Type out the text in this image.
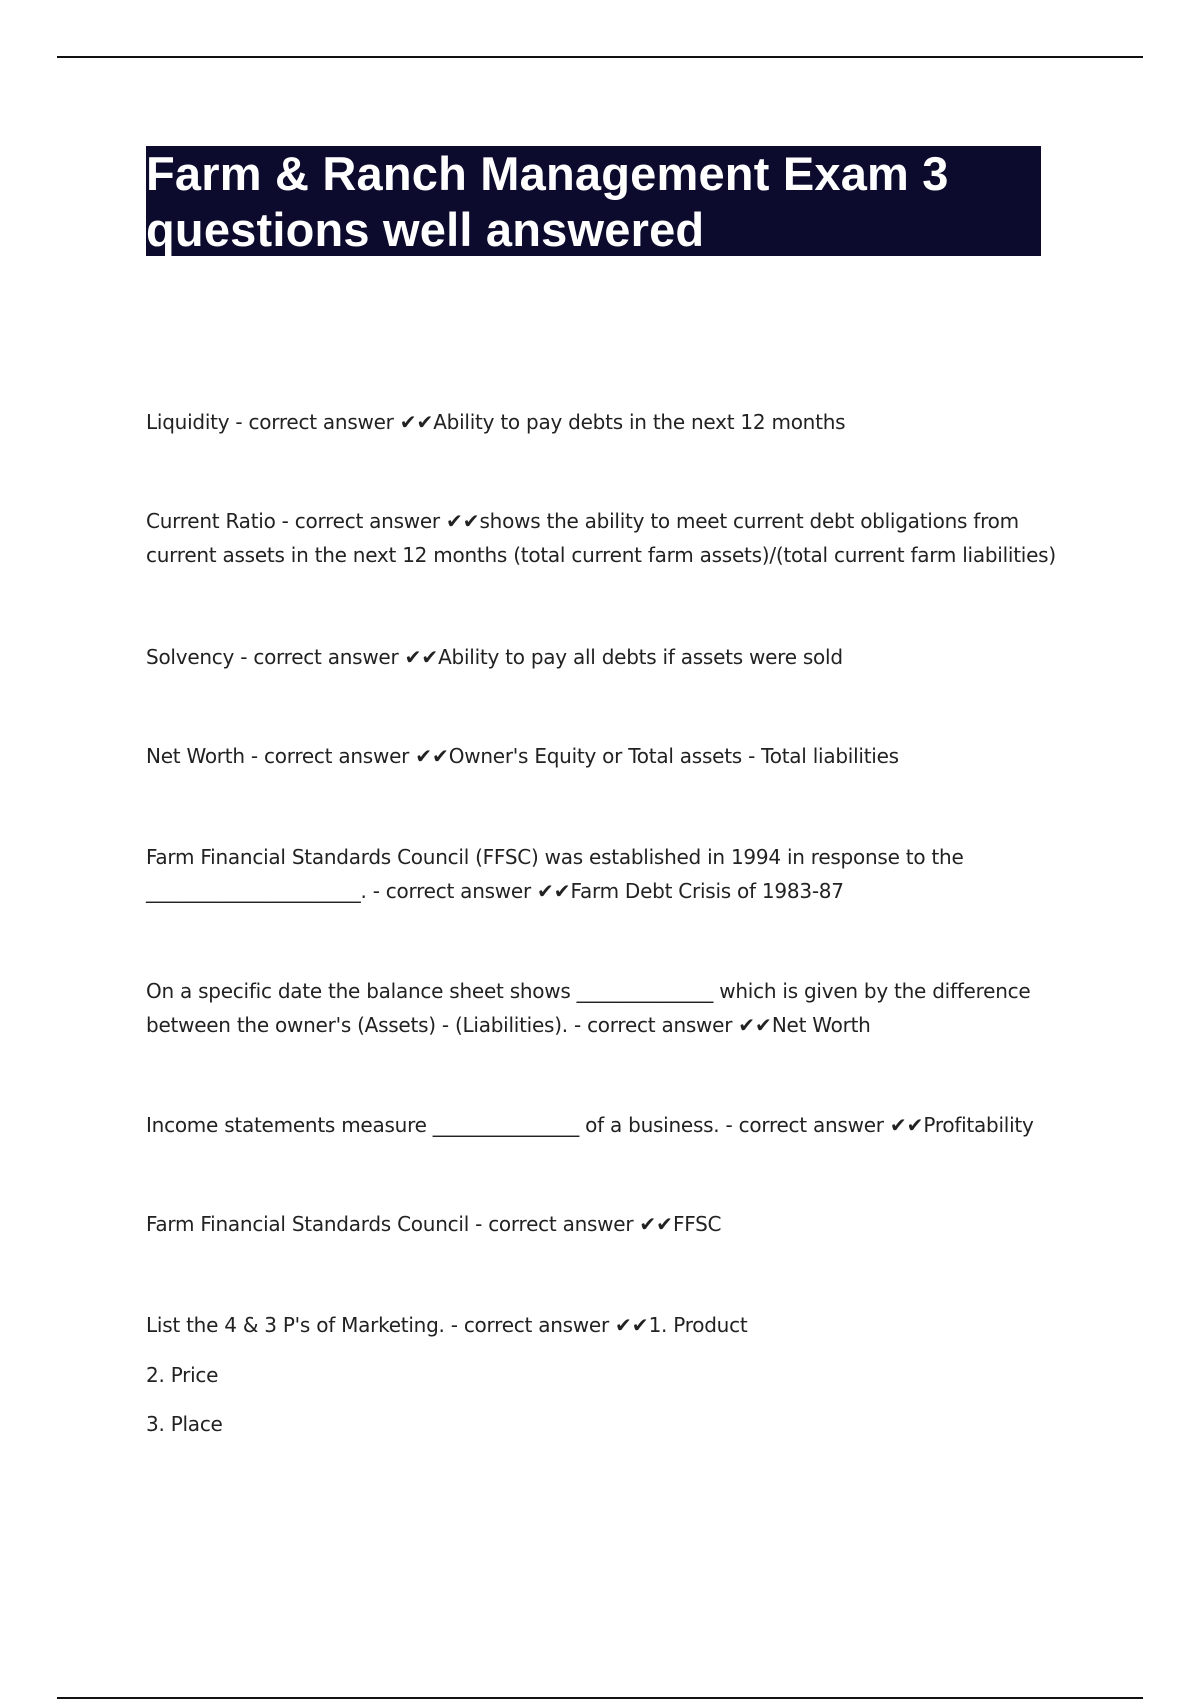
Farm & Ranch Management Exam 3
questions well answered
Liquidity - correct answer ✔✔Ability to pay debts in the next 12 months
Current Ratio - correct answer ✔✔shows the ability to meet current debt obligations from current assets in the next 12 months (total current farm assets)/(total current farm liabilities)
Solvency - correct answer ✔✔Ability to pay all debts if assets were sold
Net Worth - correct answer ✔✔Owner's Equity or Total assets - Total liabilities
Farm Financial Standards Council (FFSC) was established in 1994 in response to the ______________________. - correct answer ✔✔Farm Debt Crisis of 1983-87
On a specific date the balance sheet shows ______________ which is given by the difference between the owner's (Assets) - (Liabilities). - correct answer ✔✔Net Worth
Income statements measure _______________ of a business. - correct answer ✔✔Profitability
Farm Financial Standards Council - correct answer ✔✔FFSC
List the 4 & 3 P's of Marketing. - correct answer ✔✔1. Product
2. Price
3. Place
